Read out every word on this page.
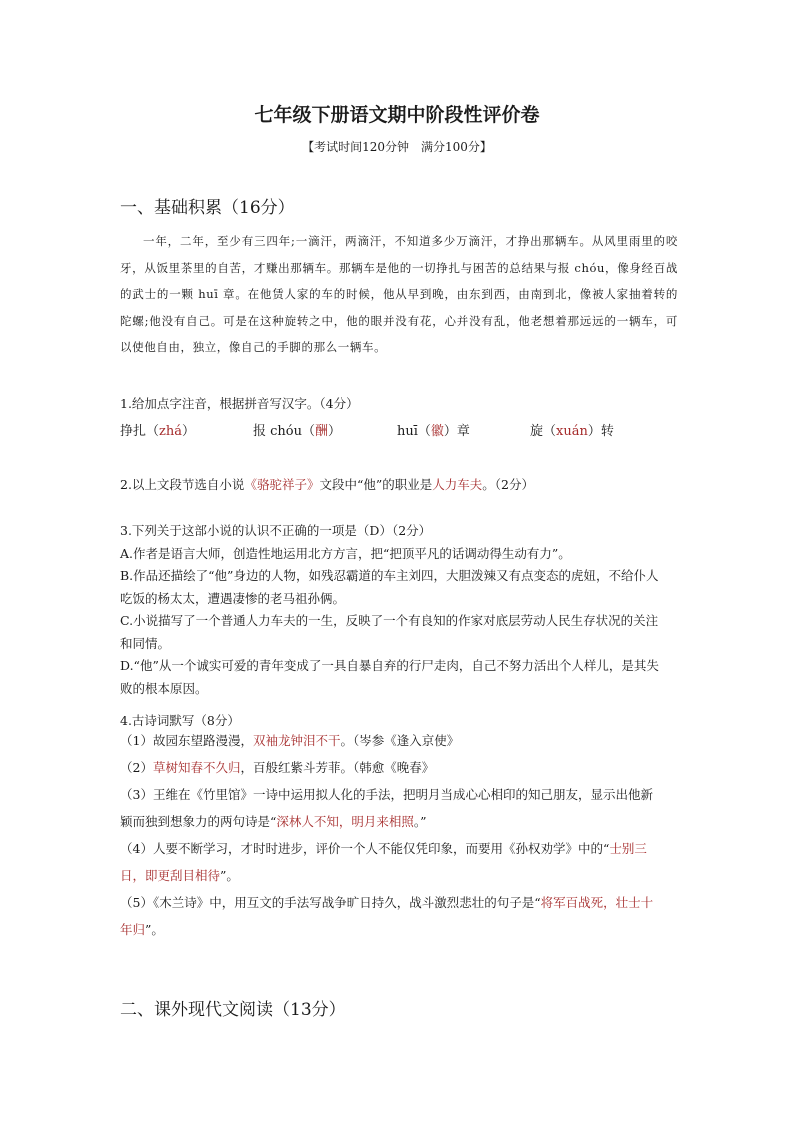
七年级下册语文期中阶段性评价卷
【考试时间120分钟　满分100分】
一、基础积累（16分）

一年，二年，至少有三四年;一滴汗，两滴汗，不知道多少万滴汗，才挣出那辆车。从风里雨里的咬牙，从饭里茶里的自苦，才赚出那辆车。那辆车是他的一切挣扎与困苦的总结果与报 chóu，像身经百战的武士的一颗 huī 章。在他赁人家的车的时候，他从早到晚，由东到西，由南到北，像被人家抽着转的陀螺;他没有自己。可是在这种旋转之中，他的眼并没有花，心并没有乱，他老想着那远远的一辆车，可以使他自由，独立，像自己的手脚的那么一辆车。

1.给加点字注音，根据拼音写汉字。（4分）
挣扎（zhá）	报 chóu（酬）	huī（徽）章	旋（xuán）转
2.以上文段节选自小说《骆驼祥子》文段中“他”的职业是人力车夫。（2分）
3.下列关于这部小说的认识不正确的一项是（D）（2分）
A.作者是语言大师，创造性地运用北方方言，把“把顶平凡的话调动得生动有力”。
B.作品还描绘了“他”身边的人物，如残忍霸道的车主刘四，大胆泼辣又有点变态的虎妞，不给仆人吃饭的杨太太，遭遇凄惨的老马祖孙俩。
C.小说描写了一个普通人力车夫的一生，反映了一个有良知的作家对底层劳动人民生存状况的关注和同情。
D.“他”从一个诚实可爱的青年变成了一具自暴自弃的行尸走肉，自己不努力活出个人样儿，是其失败的根本原因。
4.古诗词默写（8分）
（1）故园东望路漫漫，双袖龙钟泪不干。（岑参《逢入京使》
（2）草树知春不久归，百般红紫斗芳菲。（韩愈《晚春》
（3）王维在《竹里馆》一诗中运用拟人化的手法，把明月当成心心相印的知己朋友，显示出他新颖而独到想象力的两句诗是“深林人不知，明月来相照。”
（4）人要不断学习，才时时进步，评价一个人不能仅凭印象，而要用《孙权劝学》中的“士别三日，即更刮目相待”。
（5）《木兰诗》中，用互文的手法写战争旷日持久，战斗激烈悲壮的句子是“将军百战死，壮士十年归”。
二、课外现代文阅读（13分）
